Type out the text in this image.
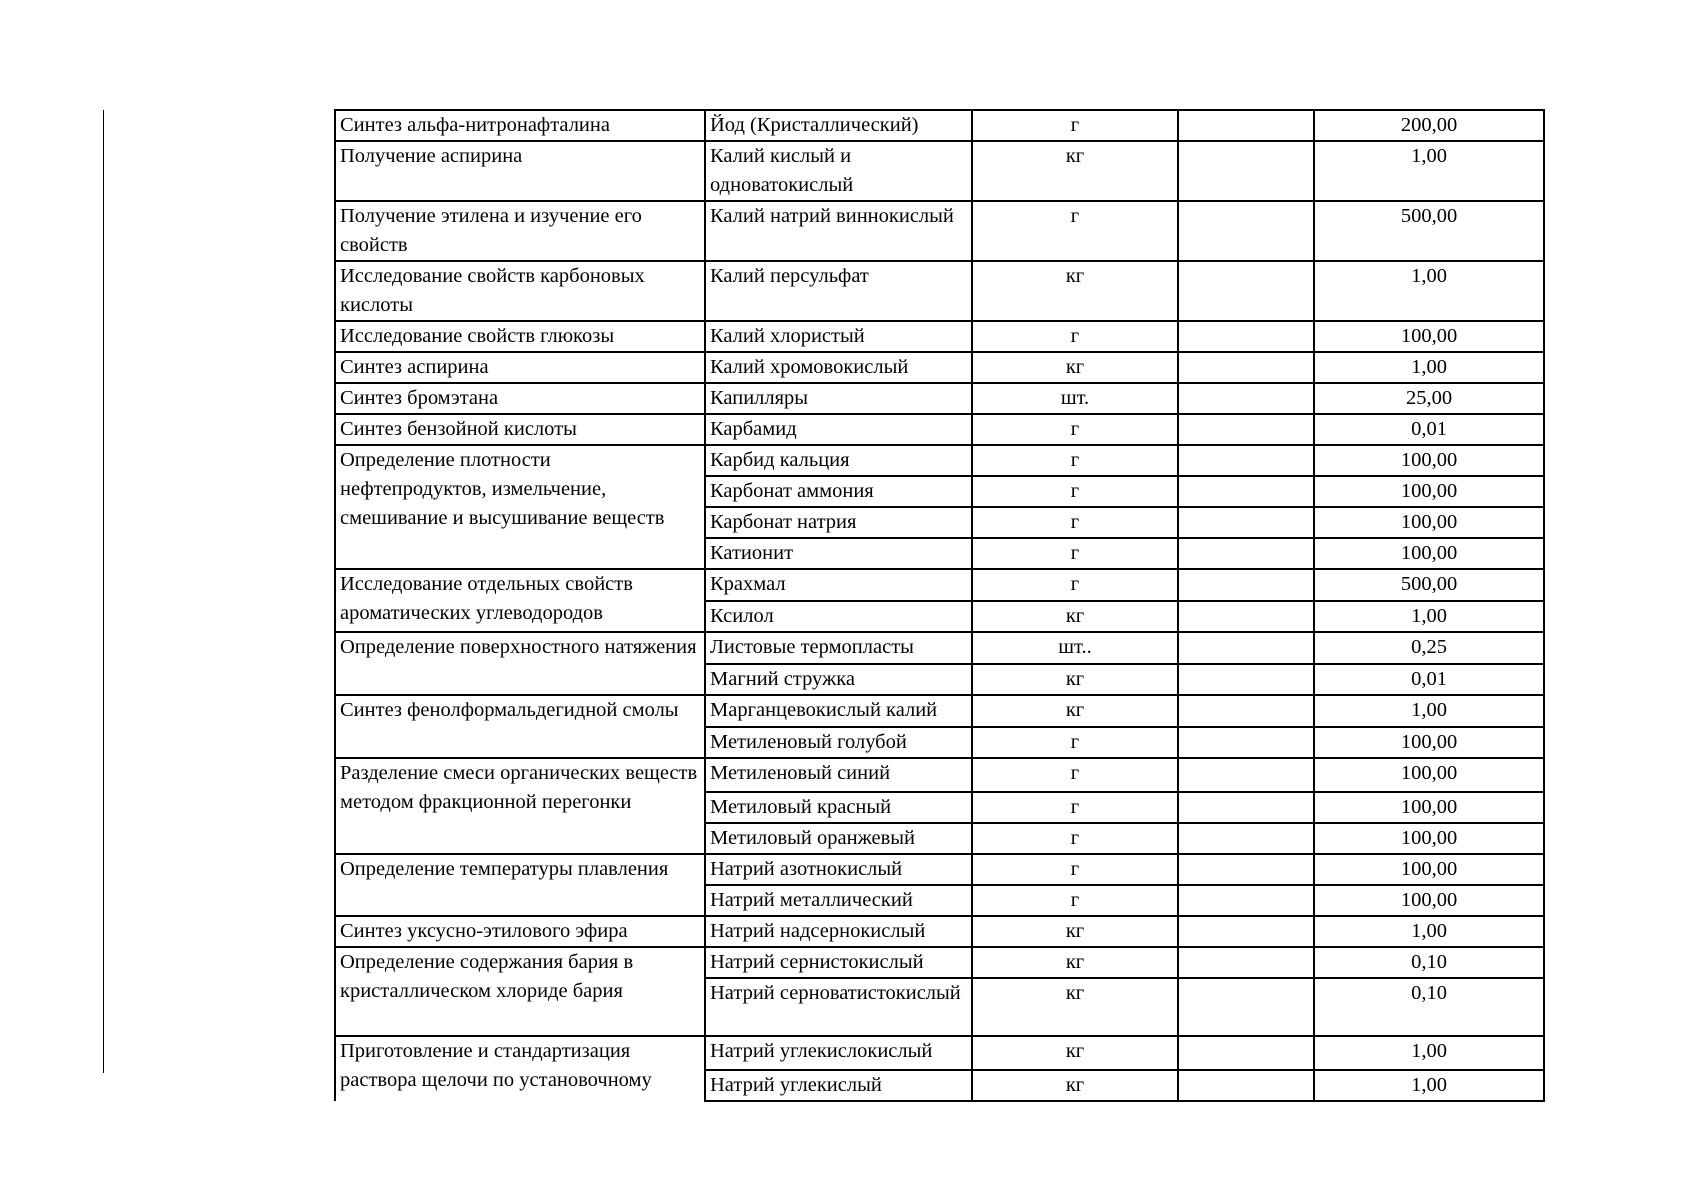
Синтез альфа-нитронафталина	Йод (Кристаллический)	г		200,00
Получение аспирина	Калий кислый и одноватокислый	кг		1,00
Получение этилена и изучение его свойств	Калий натрий виннокислый	г		500,00
Исследование свойств карбоновых кислоты	Калий персульфат	кг		1,00
Исследование свойств глюкозы	Калий хлористый	г		100,00
Синтез аспирина	Калий хромовокислый	кг		1,00
Синтез бромэтана	Капилляры	шт.		25,00
Синтез бензойной кислоты	Карбамид	г		0,01
Определение плотности нефтепродуктов, измельчение, смешивание и высушивание веществ	Карбид кальция	г		100,00
	Карбонат аммония	г		100,00
	Карбонат натрия	г		100,00
	Катионит	г		100,00
Исследование отдельных свойств ароматических углеводородов	Крахмал	г		500,00
	Ксилол	кг		1,00
Определение поверхностного натяжения	Листовые термопласты	шт..		0,25
	Магний стружка	кг		0,01
Синтез фенолформальдегидной смолы	Марганцевокислый калий	кг		1,00
	Метиленовый голубой	г		100,00
Разделение смеси органических веществ методом фракционной перегонки	Метиленовый синий	г		100,00
	Метиловый красный	г		100,00
	Метиловый оранжевый	г		100,00
Определение температуры плавления	Натрий азотнокислый	г		100,00
	Натрий металлический	г		100,00
Синтез уксусно-этилового эфира	Натрий надсернокислый	кг		1,00
Определение содержания бария в кристаллическом хлориде бария	Натрий сернистокислый	кг		0,10
	Натрий серноватистокислый	кг		0,10
Приготовление и стандартизация раствора щелочи по установочному	Натрий углекислокислый	кг		1,00
	Натрий углекислый	кг		1,00
